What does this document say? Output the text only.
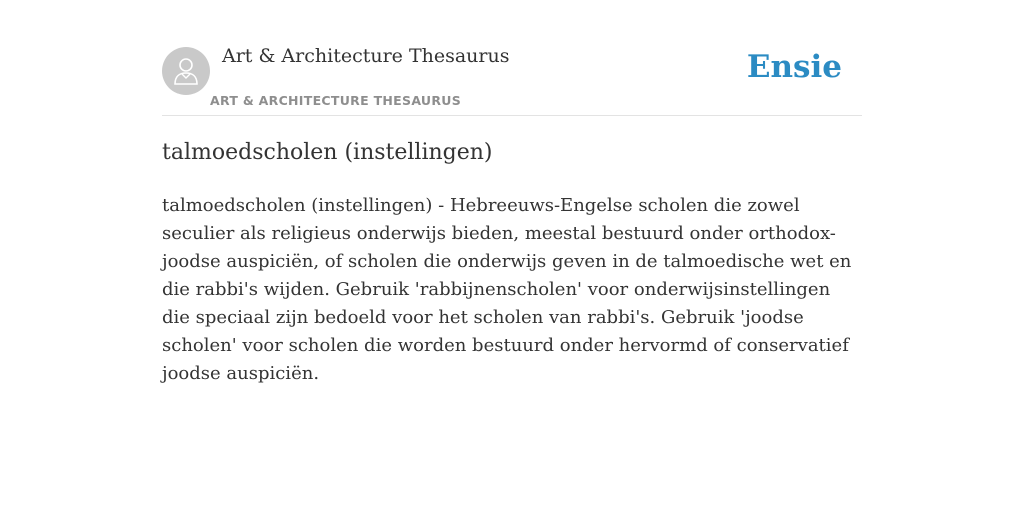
Art & Architecture Thesaurus
ART & ARCHITECTURE THESAURUS
Ensie
talmoedscholen (instellingen)

talmoedscholen (instellingen) - Hebreeuws-Engelse scholen die zowel seculier als religieus onderwijs bieden, meestal bestuurd onder orthodox-joodse auspiciën, of scholen die onderwijs geven in de talmoedische wet en die rabbi's wijden. Gebruik 'rabbijnenscholen' voor onderwijsinstellingen die speciaal zijn bedoeld voor het scholen van rabbi's. Gebruik 'joodse scholen' voor scholen die worden bestuurd onder hervormd of conservatief joodse auspiciën.
